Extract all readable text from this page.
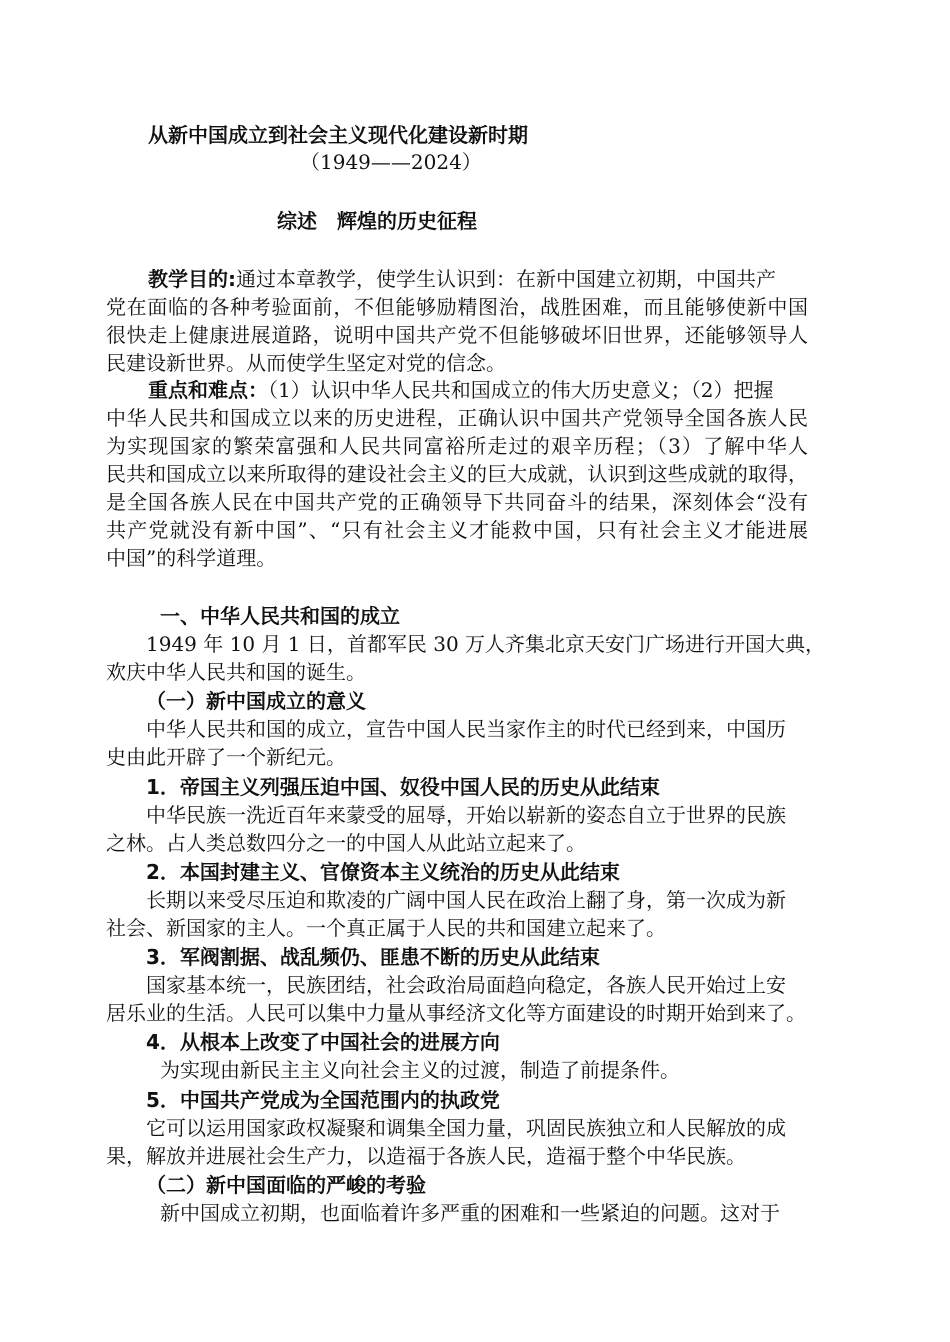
从新中国成立到社会主义现代化建设新时期
（1949——2024）
综述　辉煌的历史征程
教学目的:通过本章教学，使学生认识到：在新中国建立初期，中国共产
党在面临的各种考验面前，不但能够励精图治，战胜困难，而且能够使新中国
很快走上健康进展道路，说明中国共产党不但能够破坏旧世界，还能够领导人
民建设新世界。从而使学生坚定对党的信念。
重点和难点：（1）认识中华人民共和国成立的伟大历史意义；（2）把握
中华人民共和国成立以来的历史进程，正确认识中国共产党领导全国各族人民
为实现国家的繁荣富强和人民共同富裕所走过的艰辛历程；（3）了解中华人
民共和国成立以来所取得的建设社会主义的巨大成就，认识到这些成就的取得，
是全国各族人民在中国共产党的正确领导下共同奋斗的结果，深刻体会“没有
共产党就没有新中国”、“只有社会主义才能救中国，只有社会主义才能进展
中国”的科学道理。
一、中华人民共和国的成立
1949 年 10 月 1 日，首都军民 30 万人齐集北京天安门广场进行开国大典，
欢庆中华人民共和国的诞生。
（一）新中国成立的意义
中华人民共和国的成立，宣告中国人民当家作主的时代已经到来，中国历
史由此开辟了一个新纪元。
1．帝国主义列强压迫中国、奴役中国人民的历史从此结束
中华民族一洗近百年来蒙受的屈辱，开始以崭新的姿态自立于世界的民族
之林。占人类总数四分之一的中国人从此站立起来了。
2．本国封建主义、官僚资本主义统治的历史从此结束
长期以来受尽压迫和欺凌的广阔中国人民在政治上翻了身，第一次成为新
社会、新国家的主人。一个真正属于人民的共和国建立起来了。
3．军阀割据、战乱频仍、匪患不断的历史从此结束
国家基本统一，民族团结，社会政治局面趋向稳定，各族人民开始过上安
居乐业的生活。人民可以集中力量从事经济文化等方面建设的时期开始到来了。
4．从根本上改变了中国社会的进展方向
为实现由新民主主义向社会主义的过渡，制造了前提条件。
5．中国共产党成为全国范围内的执政党
它可以运用国家政权凝聚和调集全国力量，巩固民族独立和人民解放的成
果，解放并进展社会生产力，以造福于各族人民，造福于整个中华民族。
（二）新中国面临的严峻的考验
新中国成立初期，也面临着许多严重的困难和一些紧迫的问题。这对于
